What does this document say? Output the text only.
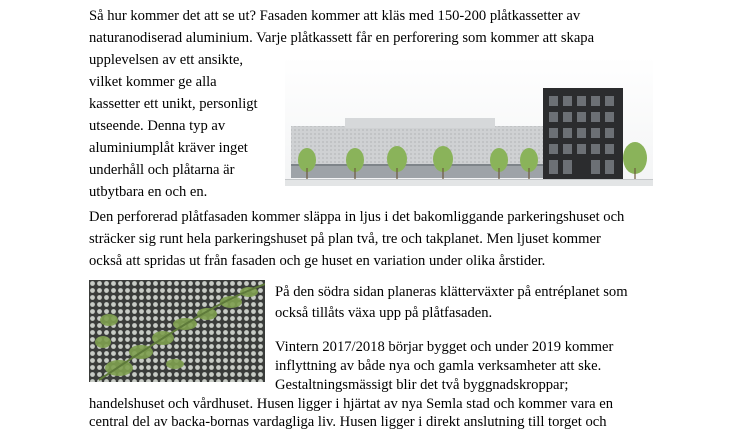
Så hur kommer det att se ut? Fasaden kommer att kläs med 150-200 plåtkassetter av
naturanodiserad aluminium. Varje plåtkassett får en perforering som kommer att skapa
upplevelsen av ett ansikte,
vilket kommer ge alla
kassetter ett unikt, personligt
utseende. Denna typ av
aluminiumplåt kräver inget
underhåll och plåtarna är
utbytbara en och en.
Den perforerad plåtfasaden kommer släppa in ljus i det bakomliggande parkeringshuset och
sträcker sig runt hela parkeringshuset på plan två, tre och takplanet. Men ljuset kommer
också att spridas ut från fasaden och ge huset en variation under olika årstider.
På den södra sidan planeras klätterväxter på entréplanet som
också tillåts växa upp på plåtfasaden.
Vintern 2017/2018 börjar bygget och under 2019 kommer
inflyttning av både nya och gamla verksamheter att ske.
Gestaltningsmässigt blir det två byggnadskroppar;
handelshuset och vårdhuset. Husen ligger i hjärtat av nya Semla stad och kommer vara en
central del av backa-bornas vardagliga liv. Husen ligger i direkt anslutning till torget och
